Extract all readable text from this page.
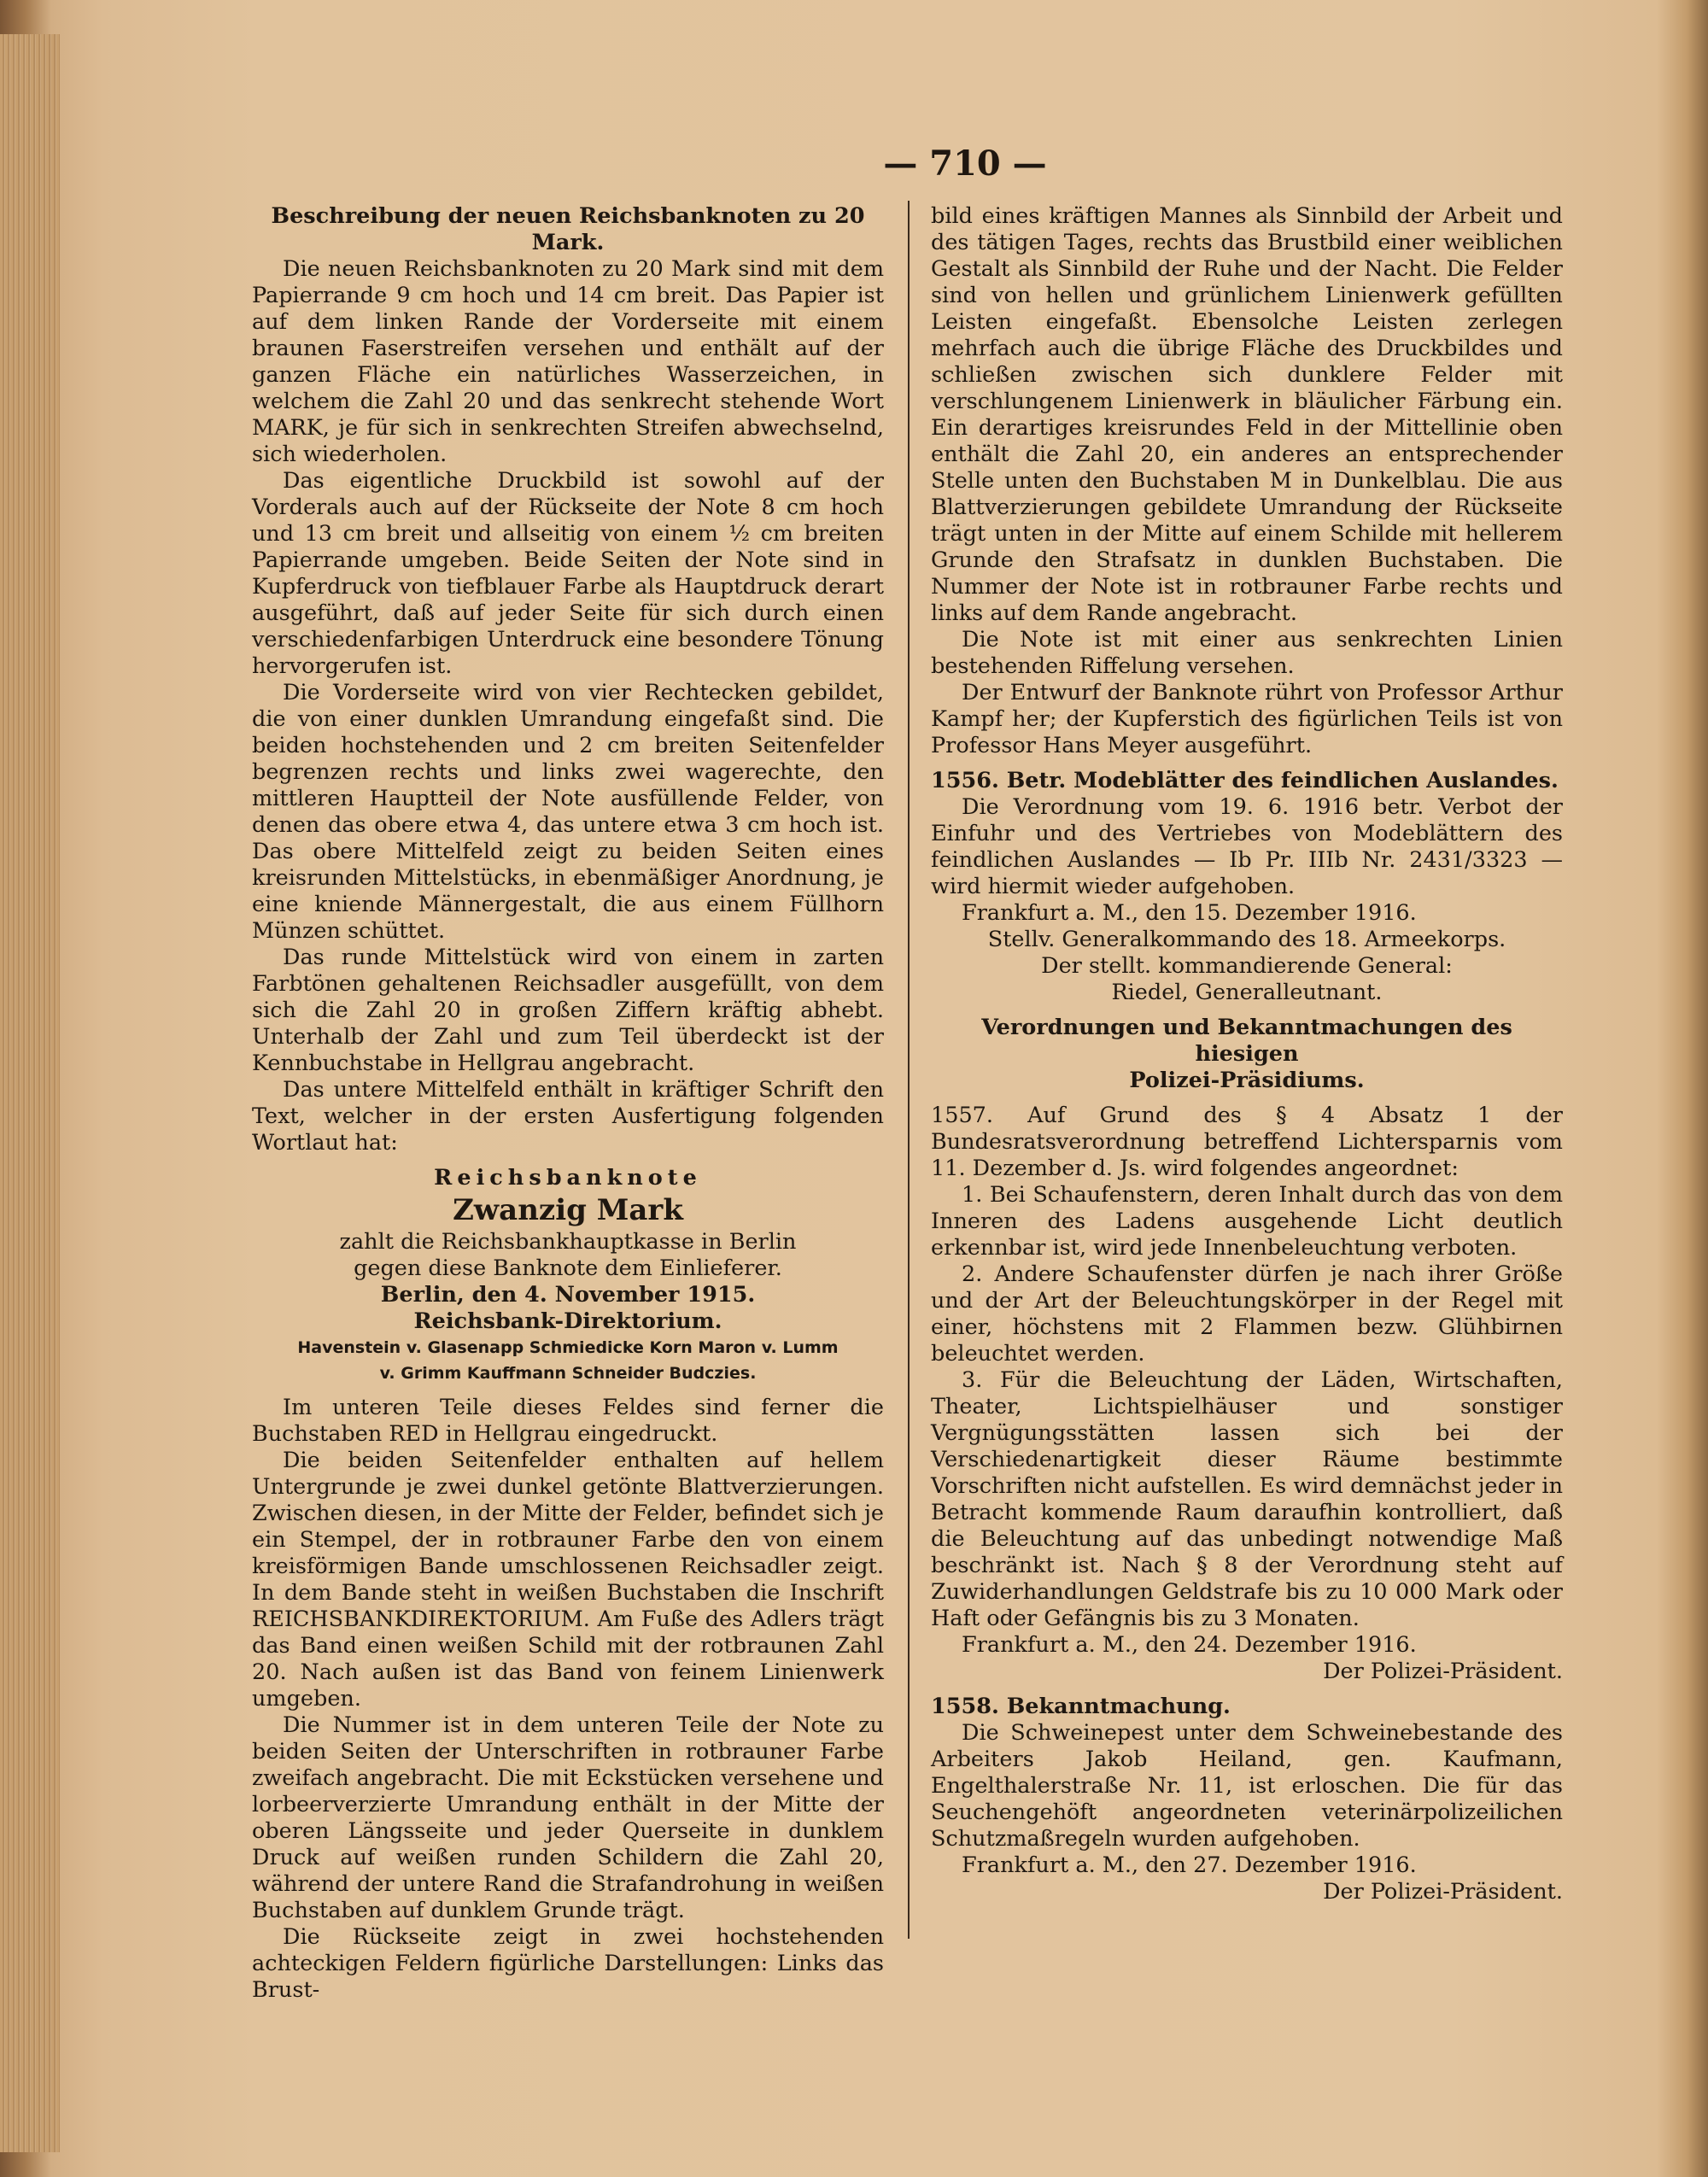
— 710 —

Beschreibung der neuen Reichsbanknoten zu 20 Mark.

Die neuen Reichsbanknoten zu 20 Mark sind mit dem Papierrande 9 cm hoch und 14 cm breit. Das Papier ist auf dem linken Rande der Vorderseite mit einem braunen Faserstreifen versehen und enthält auf der ganzen Fläche ein natürliches Wasserzeichen, in welchem die Zahl 20 und das senkrecht stehende Wort MARK, je für sich in senkrechten Streifen abwechselnd, sich wiederholen.

Das eigentliche Druckbild ist sowohl auf der Vorderals auch auf der Rückseite der Note 8 cm hoch und 13 cm breit und allseitig von einem ½ cm breiten Papierrande umgeben. Beide Seiten der Note sind in Kupferdruck von tiefblauer Farbe als Hauptdruck derart ausgeführt, daß auf jeder Seite für sich durch einen verschiedenfarbigen Unterdruck eine besondere Tönung hervorgerufen ist.

Die Vorderseite wird von vier Rechtecken gebildet, die von einer dunklen Umrandung eingefaßt sind. Die beiden hochstehenden und 2 cm breiten Seitenfelder begrenzen rechts und links zwei wagerechte, den mittleren Hauptteil der Note ausfüllende Felder, von denen das obere etwa 4, das untere etwa 3 cm hoch ist. Das obere Mittelfeld zeigt zu beiden Seiten eines kreisrunden Mittelstücks, in ebenmäßiger Anordnung, je eine kniende Männergestalt, die aus einem Füllhorn Münzen schüttet.

Das runde Mittelstück wird von einem in zarten Farbtönen gehaltenen Reichsadler ausgefüllt, von dem sich die Zahl 20 in großen Ziffern kräftig abhebt. Unterhalb der Zahl und zum Teil überdeckt ist der Kennbuchstabe in Hellgrau angebracht.

Das untere Mittelfeld enthält in kräftiger Schrift den Text, welcher in der ersten Ausfertigung folgenden Wortlaut hat:

Reichsbanknote

Zwanzig Mark

zahlt die Reichsbankhauptkasse in Berlin

gegen diese Banknote dem Einlieferer.

Berlin, den 4. November 1915.

Reichsbank-Direktorium.

Havenstein v. Glasenapp Schmiedicke Korn Maron v. Lumm

v. Grimm Kauffmann Schneider Budczies.

Im unteren Teile dieses Feldes sind ferner die Buchstaben RED in Hellgrau eingedruckt.

Die beiden Seitenfelder enthalten auf hellem Untergrunde je zwei dunkel getönte Blattverzierungen. Zwischen diesen, in der Mitte der Felder, befindet sich je ein Stempel, der in rotbrauner Farbe den von einem kreisförmigen Bande umschlossenen Reichsadler zeigt. In dem Bande steht in weißen Buchstaben die Inschrift REICHSBANKDIREKTORIUM. Am Fuße des Adlers trägt das Band einen weißen Schild mit der rotbraunen Zahl 20. Nach außen ist das Band von feinem Linienwerk umgeben.

Die Nummer ist in dem unteren Teile der Note zu beiden Seiten der Unterschriften in rotbrauner Farbe zweifach angebracht. Die mit Eckstücken versehene und lorbeerverzierte Umrandung enthält in der Mitte der oberen Längsseite und jeder Querseite in dunklem Druck auf weißen runden Schildern die Zahl 20, während der untere Rand die Strafandrohung in weißen Buchstaben auf dunklem Grunde trägt.

Die Rückseite zeigt in zwei hochstehenden achteckigen Feldern figürliche Darstellungen: Links das Brust-

bild eines kräftigen Mannes als Sinnbild der Arbeit und des tätigen Tages, rechts das Brustbild einer weiblichen Gestalt als Sinnbild der Ruhe und der Nacht. Die Felder sind von hellen und grünlichem Linienwerk gefüllten Leisten eingefaßt. Ebensolche Leisten zerlegen mehrfach auch die übrige Fläche des Druckbildes und schließen zwischen sich dunklere Felder mit verschlungenem Linienwerk in bläulicher Färbung ein. Ein derartiges kreisrundes Feld in der Mittellinie oben enthält die Zahl 20, ein anderes an entsprechender Stelle unten den Buchstaben M in Dunkelblau. Die aus Blattverzierungen gebildete Umrandung der Rückseite trägt unten in der Mitte auf einem Schilde mit hellerem Grunde den Strafsatz in dunklen Buchstaben. Die Nummer der Note ist in rotbrauner Farbe rechts und links auf dem Rande angebracht.

Die Note ist mit einer aus senkrechten Linien bestehenden Riffelung versehen.

Der Entwurf der Banknote rührt von Professor Arthur Kampf her; der Kupferstich des figürlichen Teils ist von Professor Hans Meyer ausgeführt.

1556. Betr. Modeblätter des feindlichen Auslandes.

Die Verordnung vom 19. 6. 1916 betr. Verbot der Einfuhr und des Vertriebes von Modeblättern des feindlichen Auslandes — Ib Pr. IIIb Nr. 2431/3323 — wird hiermit wieder aufgehoben.

Frankfurt a. M., den 15. Dezember 1916.

Stellv. Generalkommando des 18. Armeekorps.

Der stellt. kommandierende General:

Riedel, Generalleutnant.

Verordnungen und Bekanntmachungen des hiesigen

Polizei-Präsidiums.

1557. Auf Grund des § 4 Absatz 1 der Bundesratsverordnung betreffend Lichtersparnis vom 11. Dezember d. Js. wird folgendes angeordnet:

1. Bei Schaufenstern, deren Inhalt durch das von dem Inneren des Ladens ausgehende Licht deutlich erkennbar ist, wird jede Innenbeleuchtung verboten.

2. Andere Schaufenster dürfen je nach ihrer Größe und der Art der Beleuchtungskörper in der Regel mit einer, höchstens mit 2 Flammen bezw. Glühbirnen beleuchtet werden.

3. Für die Beleuchtung der Läden, Wirtschaften, Theater, Lichtspielhäuser und sonstiger Vergnügungsstätten lassen sich bei der Verschiedenartigkeit dieser Räume bestimmte Vorschriften nicht aufstellen. Es wird demnächst jeder in Betracht kommende Raum daraufhin kontrolliert, daß die Beleuchtung auf das unbedingt notwendige Maß beschränkt ist. Nach § 8 der Verordnung steht auf Zuwiderhandlungen Geldstrafe bis zu 10 000 Mark oder Haft oder Gefängnis bis zu 3 Monaten.

Frankfurt a. M., den 24. Dezember 1916.

Der Polizei-Präsident.

1558. Bekanntmachung.

Die Schweinepest unter dem Schweinebestande des Arbeiters Jakob Heiland, gen. Kaufmann, Engelthalerstraße Nr. 11, ist erloschen. Die für das Seuchengehöft angeordneten veterinärpolizeilichen Schutzmaßregeln wurden aufgehoben.

Frankfurt a. M., den 27. Dezember 1916.

Der Polizei-Präsident.
